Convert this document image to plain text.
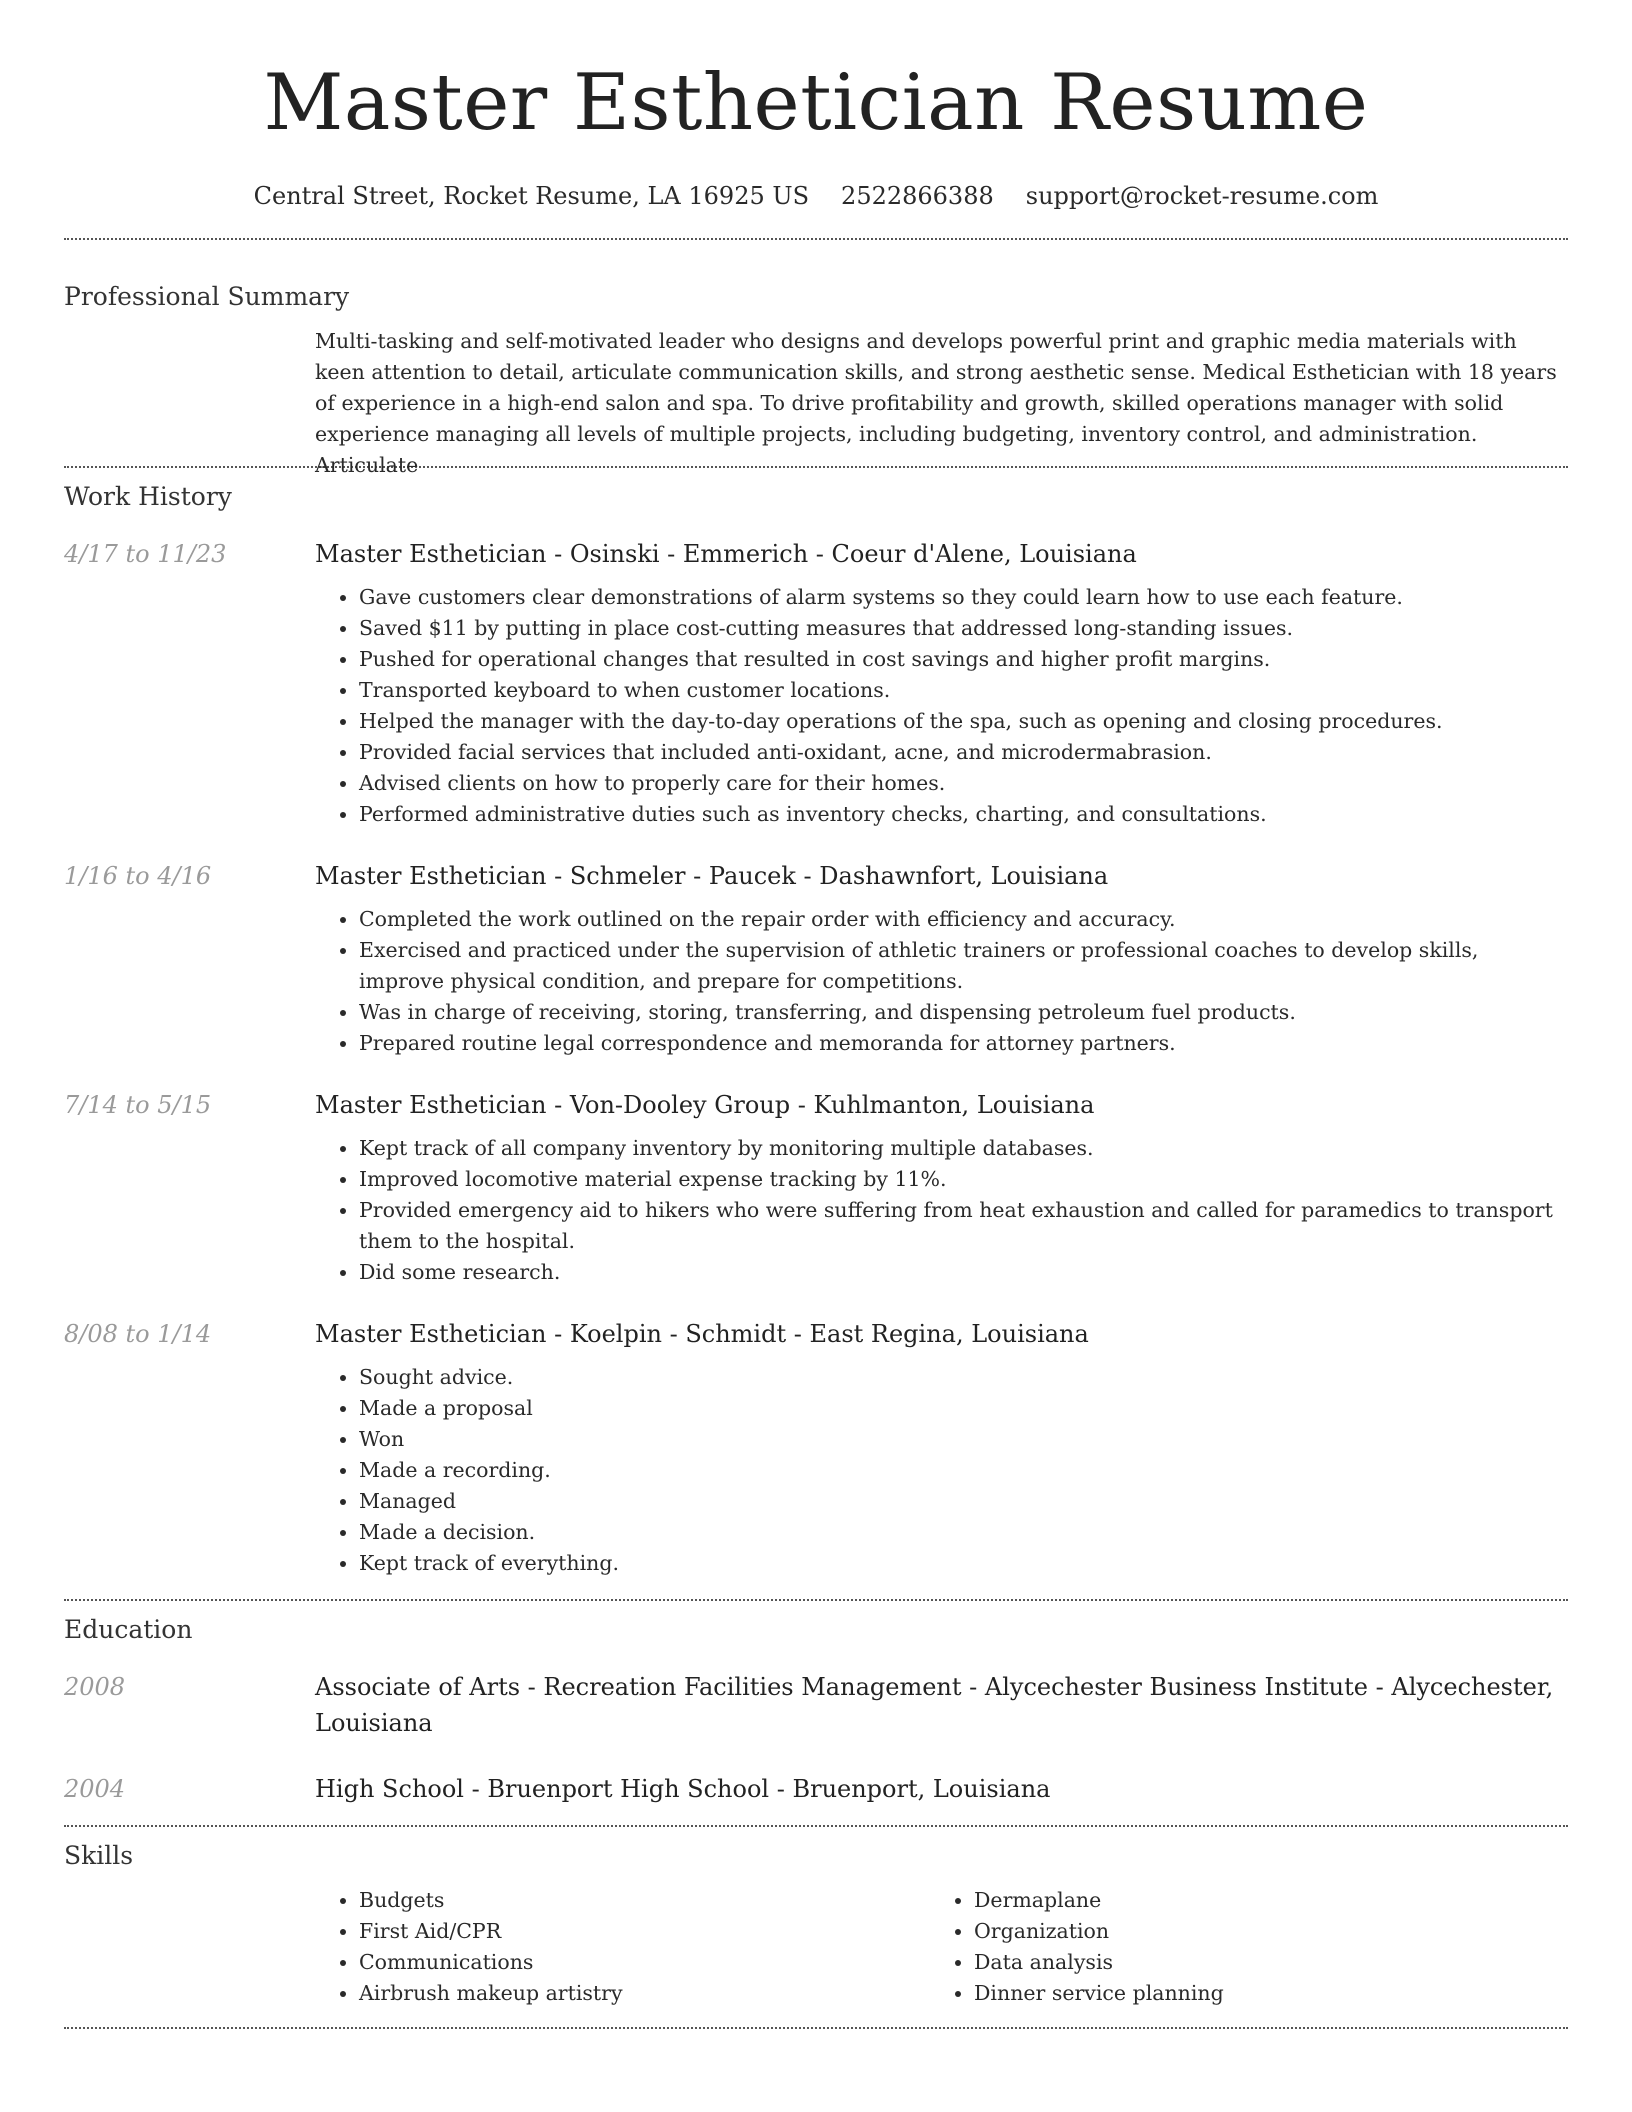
Master Esthetician Resume
Central Street, Rocket Resume, LA 16925 US 2522866388 support@rocket-resume.com
Professional Summary
Multi-tasking and self-motivated leader who designs and develops powerful print and graphic media materials with keen attention to detail, articulate communication skills, and strong aesthetic sense. Medical Esthetician with 18 years of experience in a high-end salon and spa. To drive profitability and growth, skilled operations manager with solid experience managing all levels of multiple projects, including budgeting, inventory control, and administration. Articulate
Work History
4/17 to 11/23	Master Esthetician - Osinski - Emmerich - Coeur d'Alene, Louisiana
• Gave customers clear demonstrations of alarm systems so they could learn how to use each feature.
• Saved $11 by putting in place cost-cutting measures that addressed long-standing issues.
• Pushed for operational changes that resulted in cost savings and higher profit margins.
• Transported keyboard to when customer locations.
• Helped the manager with the day-to-day operations of the spa, such as opening and closing procedures.
• Provided facial services that included anti-oxidant, acne, and microdermabrasion.
• Advised clients on how to properly care for their homes.
• Performed administrative duties such as inventory checks, charting, and consultations.
1/16 to 4/16	Master Esthetician - Schmeler - Paucek - Dashawnfort, Louisiana
• Completed the work outlined on the repair order with efficiency and accuracy.
• Exercised and practiced under the supervision of athletic trainers or professional coaches to develop skills, improve physical condition, and prepare for competitions.
• Was in charge of receiving, storing, transferring, and dispensing petroleum fuel products.
• Prepared routine legal correspondence and memoranda for attorney partners.
7/14 to 5/15	Master Esthetician - Von-Dooley Group - Kuhlmanton, Louisiana
• Kept track of all company inventory by monitoring multiple databases.
• Improved locomotive material expense tracking by 11%.
• Provided emergency aid to hikers who were suffering from heat exhaustion and called for paramedics to transport them to the hospital.
• Did some research.
8/08 to 1/14	Master Esthetician - Koelpin - Schmidt - East Regina, Louisiana
• Sought advice.
• Made a proposal
• Won
• Made a recording.
• Managed
• Made a decision.
• Kept track of everything.
Education
2008	Associate of Arts - Recreation Facilities Management - Alycechester Business Institute - Alycechester, Louisiana
2004	High School - Bruenport High School - Bruenport, Louisiana
Skills
• Budgets
• First Aid/CPR
• Communications
• Airbrush makeup artistry
• Dermaplane
• Organization
• Data analysis
• Dinner service planning
